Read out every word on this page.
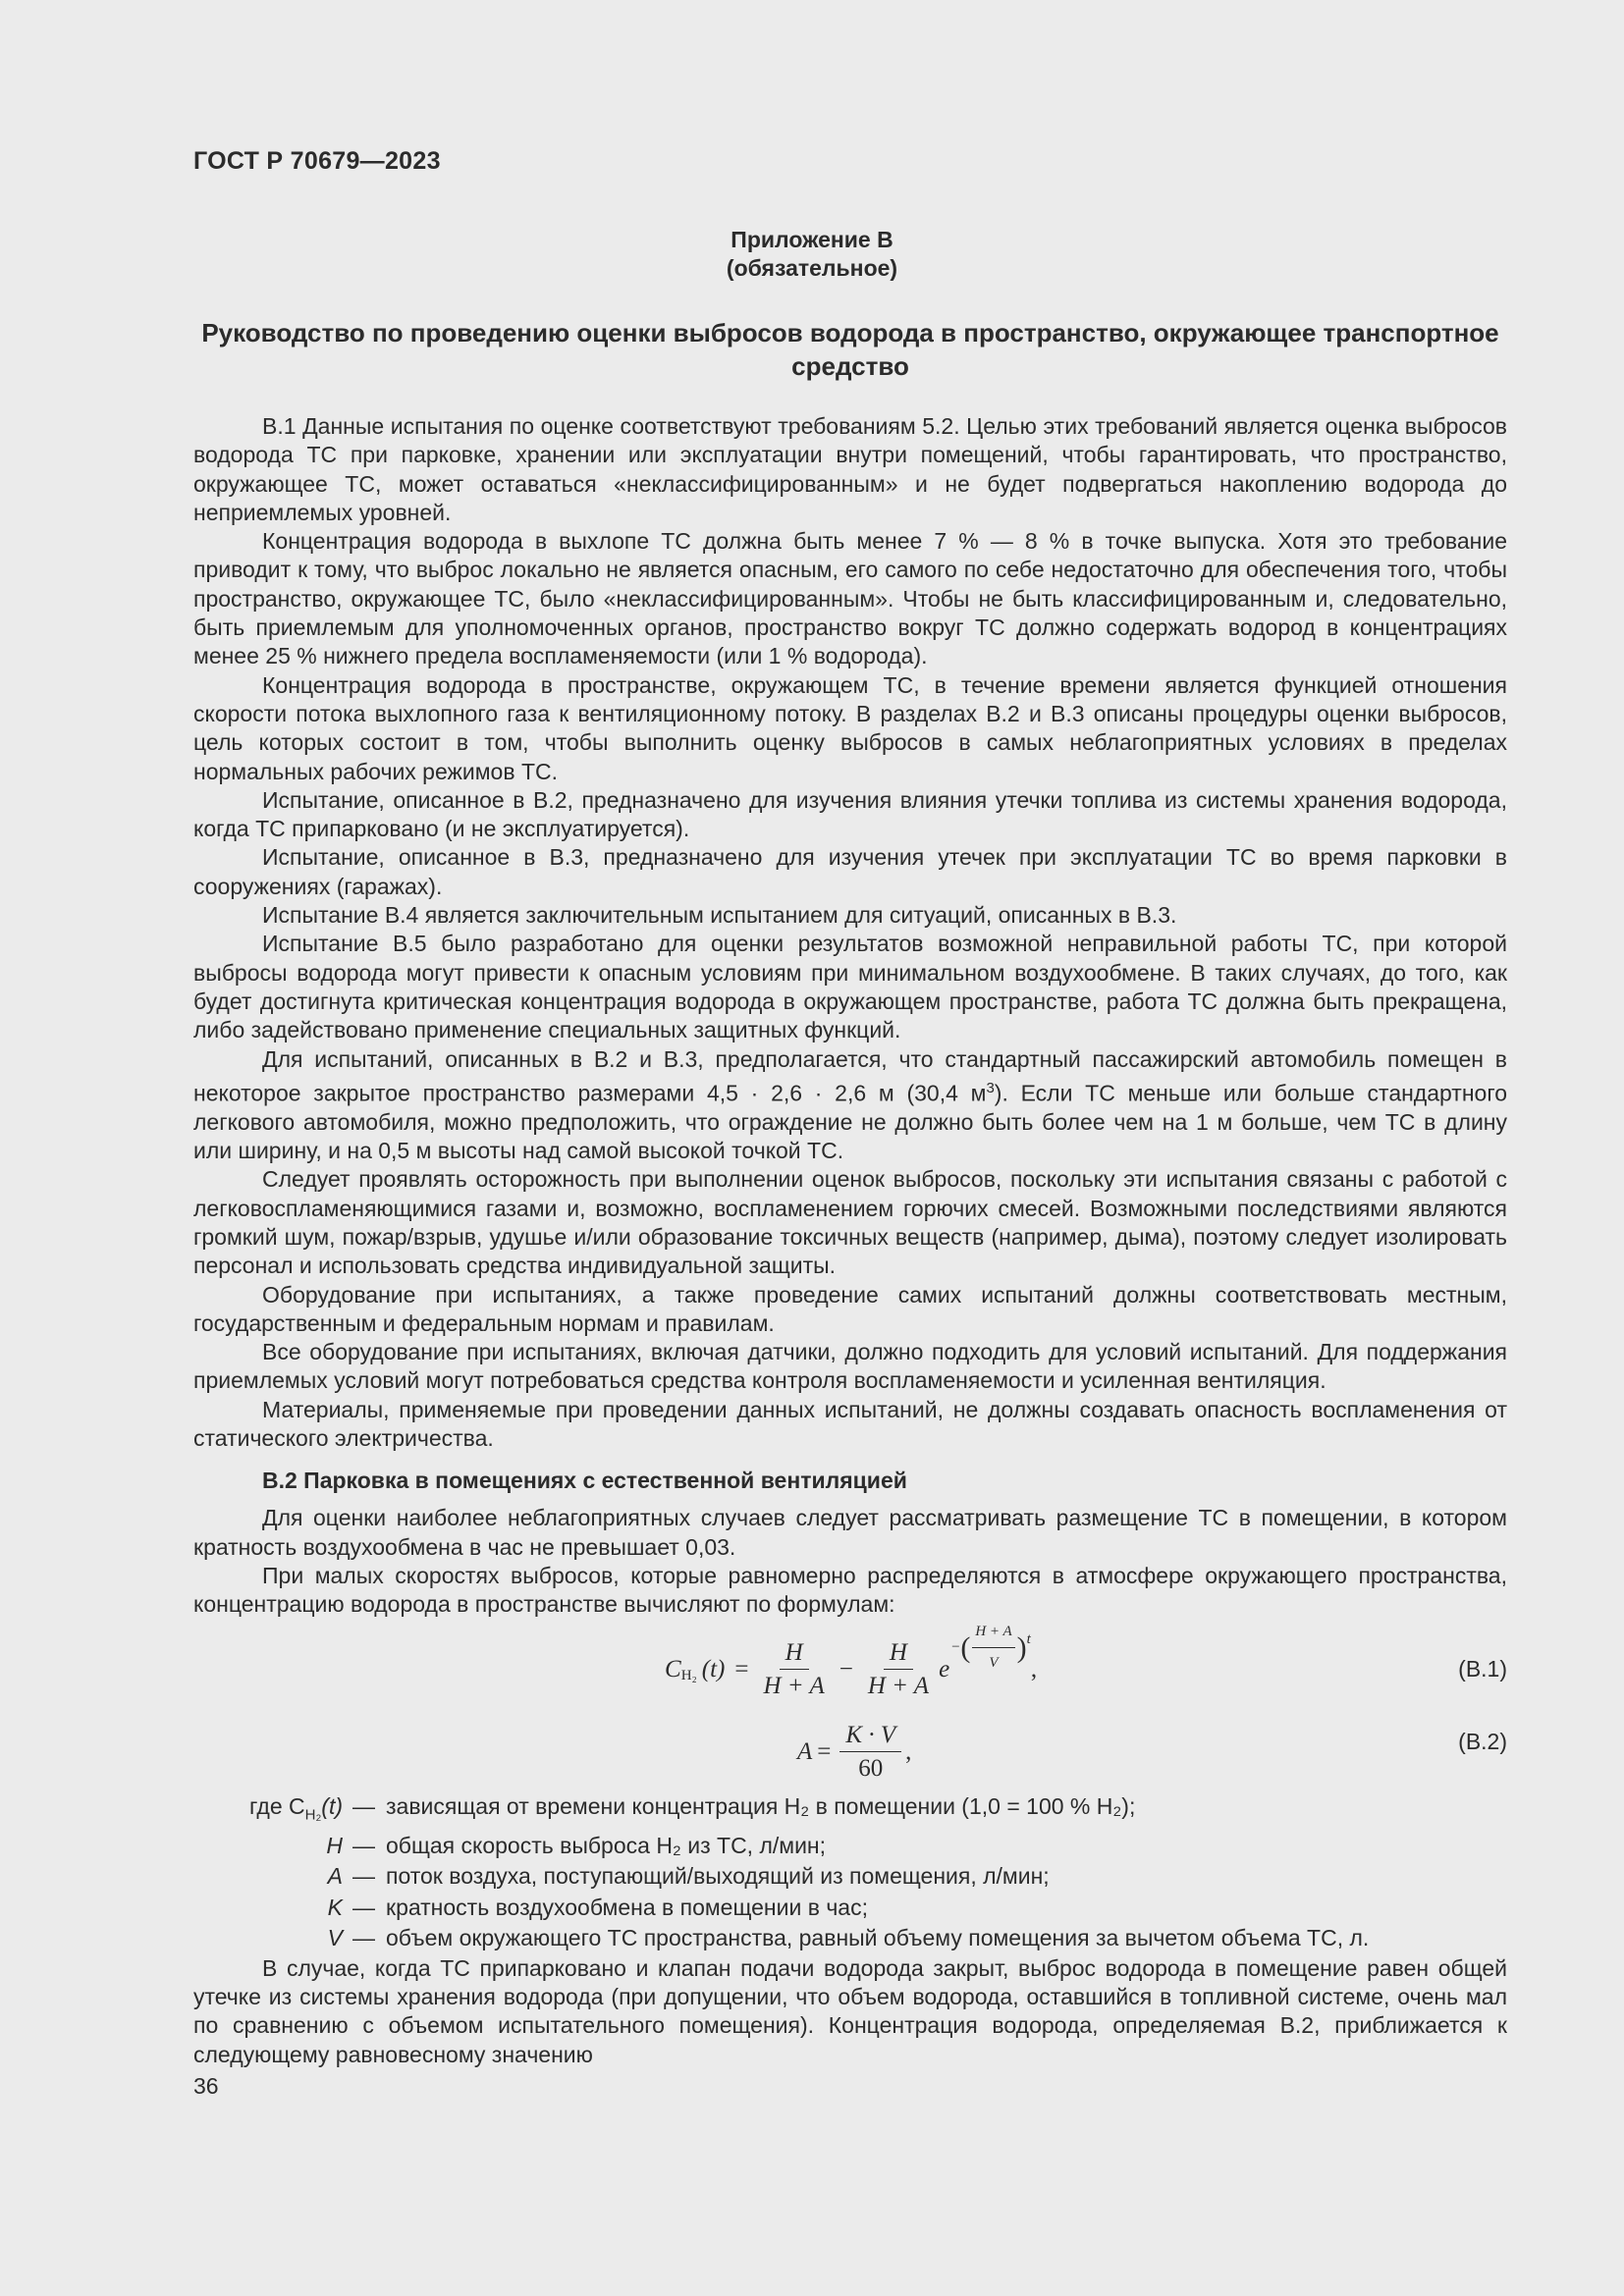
ГОСТ Р 70679—2023
Приложение В
(обязательное)
Руководство по проведению оценки выбросов водорода в пространство, окружающее транспортное средство

В.1 Данные испытания по оценке соответствуют требованиям 5.2. Целью этих требований является оценка выбросов водорода ТС при парковке, хранении или эксплуатации внутри помещений, чтобы гарантировать, что пространство, окружающее ТС, может оставаться «неклассифицированным» и не будет подвергаться накоплению водорода до неприемлемых уровней.

Концентрация водорода в выхлопе ТС должна быть менее 7 % — 8 % в точке выпуска. Хотя это требование приводит к тому, что выброс локально не является опасным, его самого по себе недостаточно для обеспечения того, чтобы пространство, окружающее ТС, было «неклассифицированным». Чтобы не быть классифицированным и, следовательно, быть приемлемым для уполномоченных органов, пространство вокруг ТС должно содержать водород в концентрациях менее 25 % нижнего предела воспламеняемости (или 1 % водорода).

Концентрация водорода в пространстве, окружающем ТС, в течение времени является функцией отношения скорости потока выхлопного газа к вентиляционному потоку. В разделах В.2 и В.3 описаны процедуры оценки выбросов, цель которых состоит в том, чтобы выполнить оценку выбросов в самых неблагоприятных условиях в пределах нормальных рабочих режимов ТС.

Испытание, описанное в В.2, предназначено для изучения влияния утечки топлива из системы хранения водорода, когда ТС припарковано (и не эксплуатируется).

Испытание, описанное в В.3, предназначено для изучения утечек при эксплуатации ТС во время парковки в сооружениях (гаражах).

Испытание В.4 является заключительным испытанием для ситуаций, описанных в В.3.

Испытание В.5 было разработано для оценки результатов возможной неправильной работы ТС, при которой выбросы водорода могут привести к опасным условиям при минимальном воздухообмене. В таких случаях, до того, как будет достигнута критическая концентрация водорода в окружающем пространстве, работа ТС должна быть прекращена, либо задействовано применение специальных защитных функций.

Для испытаний, описанных в В.2 и В.3, предполагается, что стандартный пассажирский автомобиль помещен в некоторое закрытое пространство размерами 4,5 · 2,6 · 2,6 м (30,4 $м^3$). Если ТС меньше или больше стандартного легкового автомобиля, можно предположить, что ограждение не должно быть более чем на 1 м больше, чем ТС в длину или ширину, и на 0,5 м высоты над самой высокой точкой ТС.

Следует проявлять осторожность при выполнении оценок выбросов, поскольку эти испытания связаны с работой с легковоспламеняющимися газами и, возможно, воспламенением горючих смесей. Возможными последствиями являются громкий шум, пожар/взрыв, удушье и/или образование токсичных веществ (например, дыма), поэтому следует изолировать персонал и использовать средства индивидуальной защиты.

Оборудование при испытаниях, а также проведение самих испытаний должны соответствовать местным, государственным и федеральным нормам и правилам.

Все оборудование при испытаниях, включая датчики, должно подходить для условий испытаний. Для поддержания приемлемых условий могут потребоваться средства контроля воспламеняемости и усиленная вентиляция.

Материалы, применяемые при проведении данных испытаний, не должны создавать опасность воспламенения от статического электричества.

В.2 Парковка в помещениях с естественной вентиляцией

Для оценки наиболее неблагоприятных случаев следует рассматривать размещение ТС в помещении, в котором кратность воздухообмена в час не превышает 0,03.

При малых скоростях выбросов, которые равномерно распределяются в атмосфере окружающего пространства, концентрацию водорода в пространстве вычисляют по формулам:

C H₂ $(t) = \frac{H}{H + A} - \frac{H}{H + A}$ e
− ( $\frac{H + A}{V}$ ) t
,	(В.1)
$A = \frac{K \cdot V}{60}$ ,	(В.2)
где $C_{H_2}(t)$ — зависящая от времени концентрация H₂ в помещении (1,0 = 100 % H₂);
H — общая скорость выброса H₂ из ТС, л/мин;
A — поток воздуха, поступающий/выходящий из помещения, л/мин;
K — кратность воздухообмена в помещении в час;
V — объем окружающего ТС пространства, равный объему помещения за вычетом объема ТС, л.

В случае, когда ТС припарковано и клапан подачи водорода закрыт, выброс водорода в помещение равен общей утечке из системы хранения водорода (при допущении, что объем водорода, оставшийся в топливной системе, очень мал по сравнению с объемом испытательного помещения). Концентрация водорода, определяемая В.2, приближается к следующему равновесному значению

36
